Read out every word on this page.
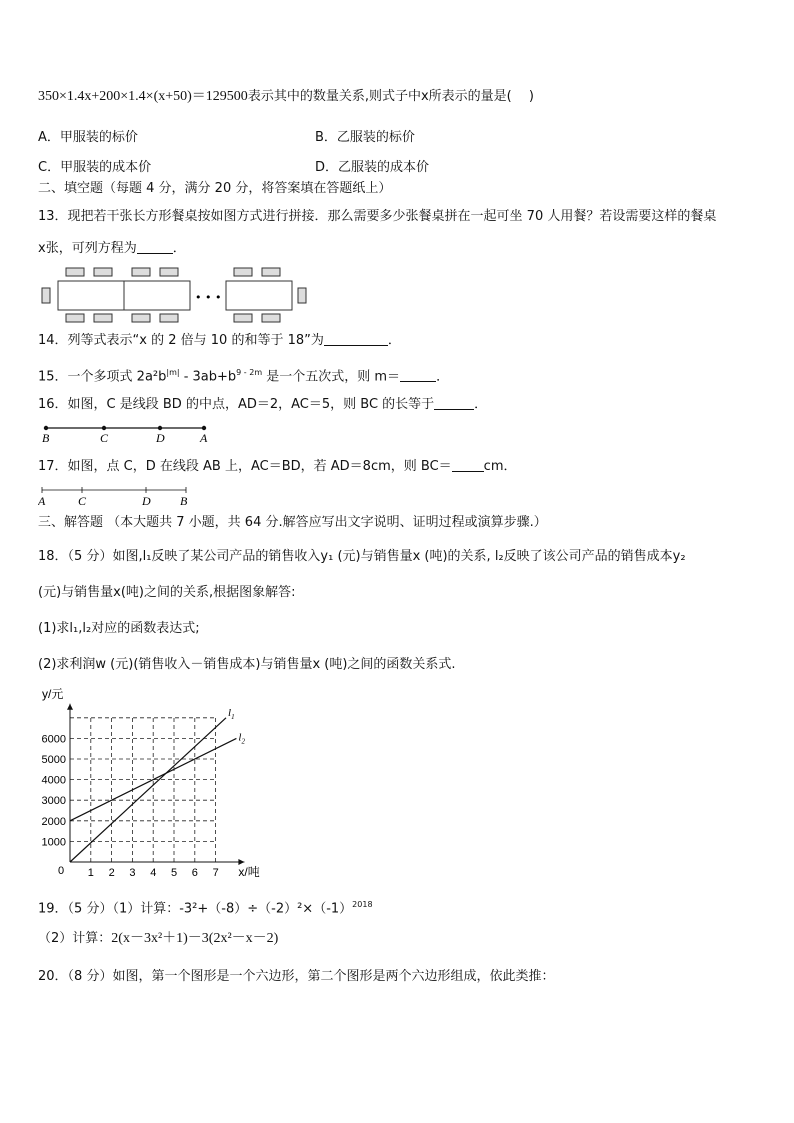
350×1.4x+200×1.4×(x+50)＝129500表示其中的数量关系,则式子中x所表示的量是(　 )
A．甲服装的标价	B．乙服装的标价
C．甲服装的成本价	D．乙服装的成本价
二、填空题（每题 4 分，满分 20 分，将答案填在答题纸上）
13．现把若干张长方形餐桌按如图方式进行拼接．那么需要多少张餐桌拼在一起可坐 70 人用餐？若设需要这样的餐桌
x张，可列方程为	．
• • •
14．列等式表示“x 的 2 倍与 10 的和等于 18”为	．
15．一个多项式 $2a^2b^{|m|} - 3ab+b^{9 - 2m}$ 是一个五次式，则 m＝	．
16．如图，C 是线段 BD 的中点，AD＝2，AC＝5，则 BC 的长等于	．
B	C	D	A
17．如图，点 C，D 在线段 AB 上，AC＝BD，若 AD＝8cm，则 BC＝ cm．
A	C	D B
三、解答题 （本大题共 7 小题，共 64 分.解答应写出文字说明、证明过程或演算步骤.）
18．（5 分）如图,l₁反映了某公司产品的销售收入y₁ (元)与销售量x (吨)的关系, l₂反映了该公司产品的销售成本y₂
(元)与销售量x(吨)之间的关系,根据图象解答:
(1)求l₁,l₂对应的函数表达式;
(2)求利润w (元)(销售收入－销售成本)与销售量x (吨)之间的函数关系式.
1 2 3 4 5 6 7
1000
2000
3000
4000
5000
6000
0
y/元
x/吨
$l_1$
$l_2$
19．（5 分）（1）计算：$-3^2+(-8)\div(-2)^2\times(-1)^{2018}$
（2）计算：2(x－3x²＋1)－3(2x²－x－2)
20．（8 分）如图，第一个图形是一个六边形，第二个图形是两个六边形组成，依此类推：
